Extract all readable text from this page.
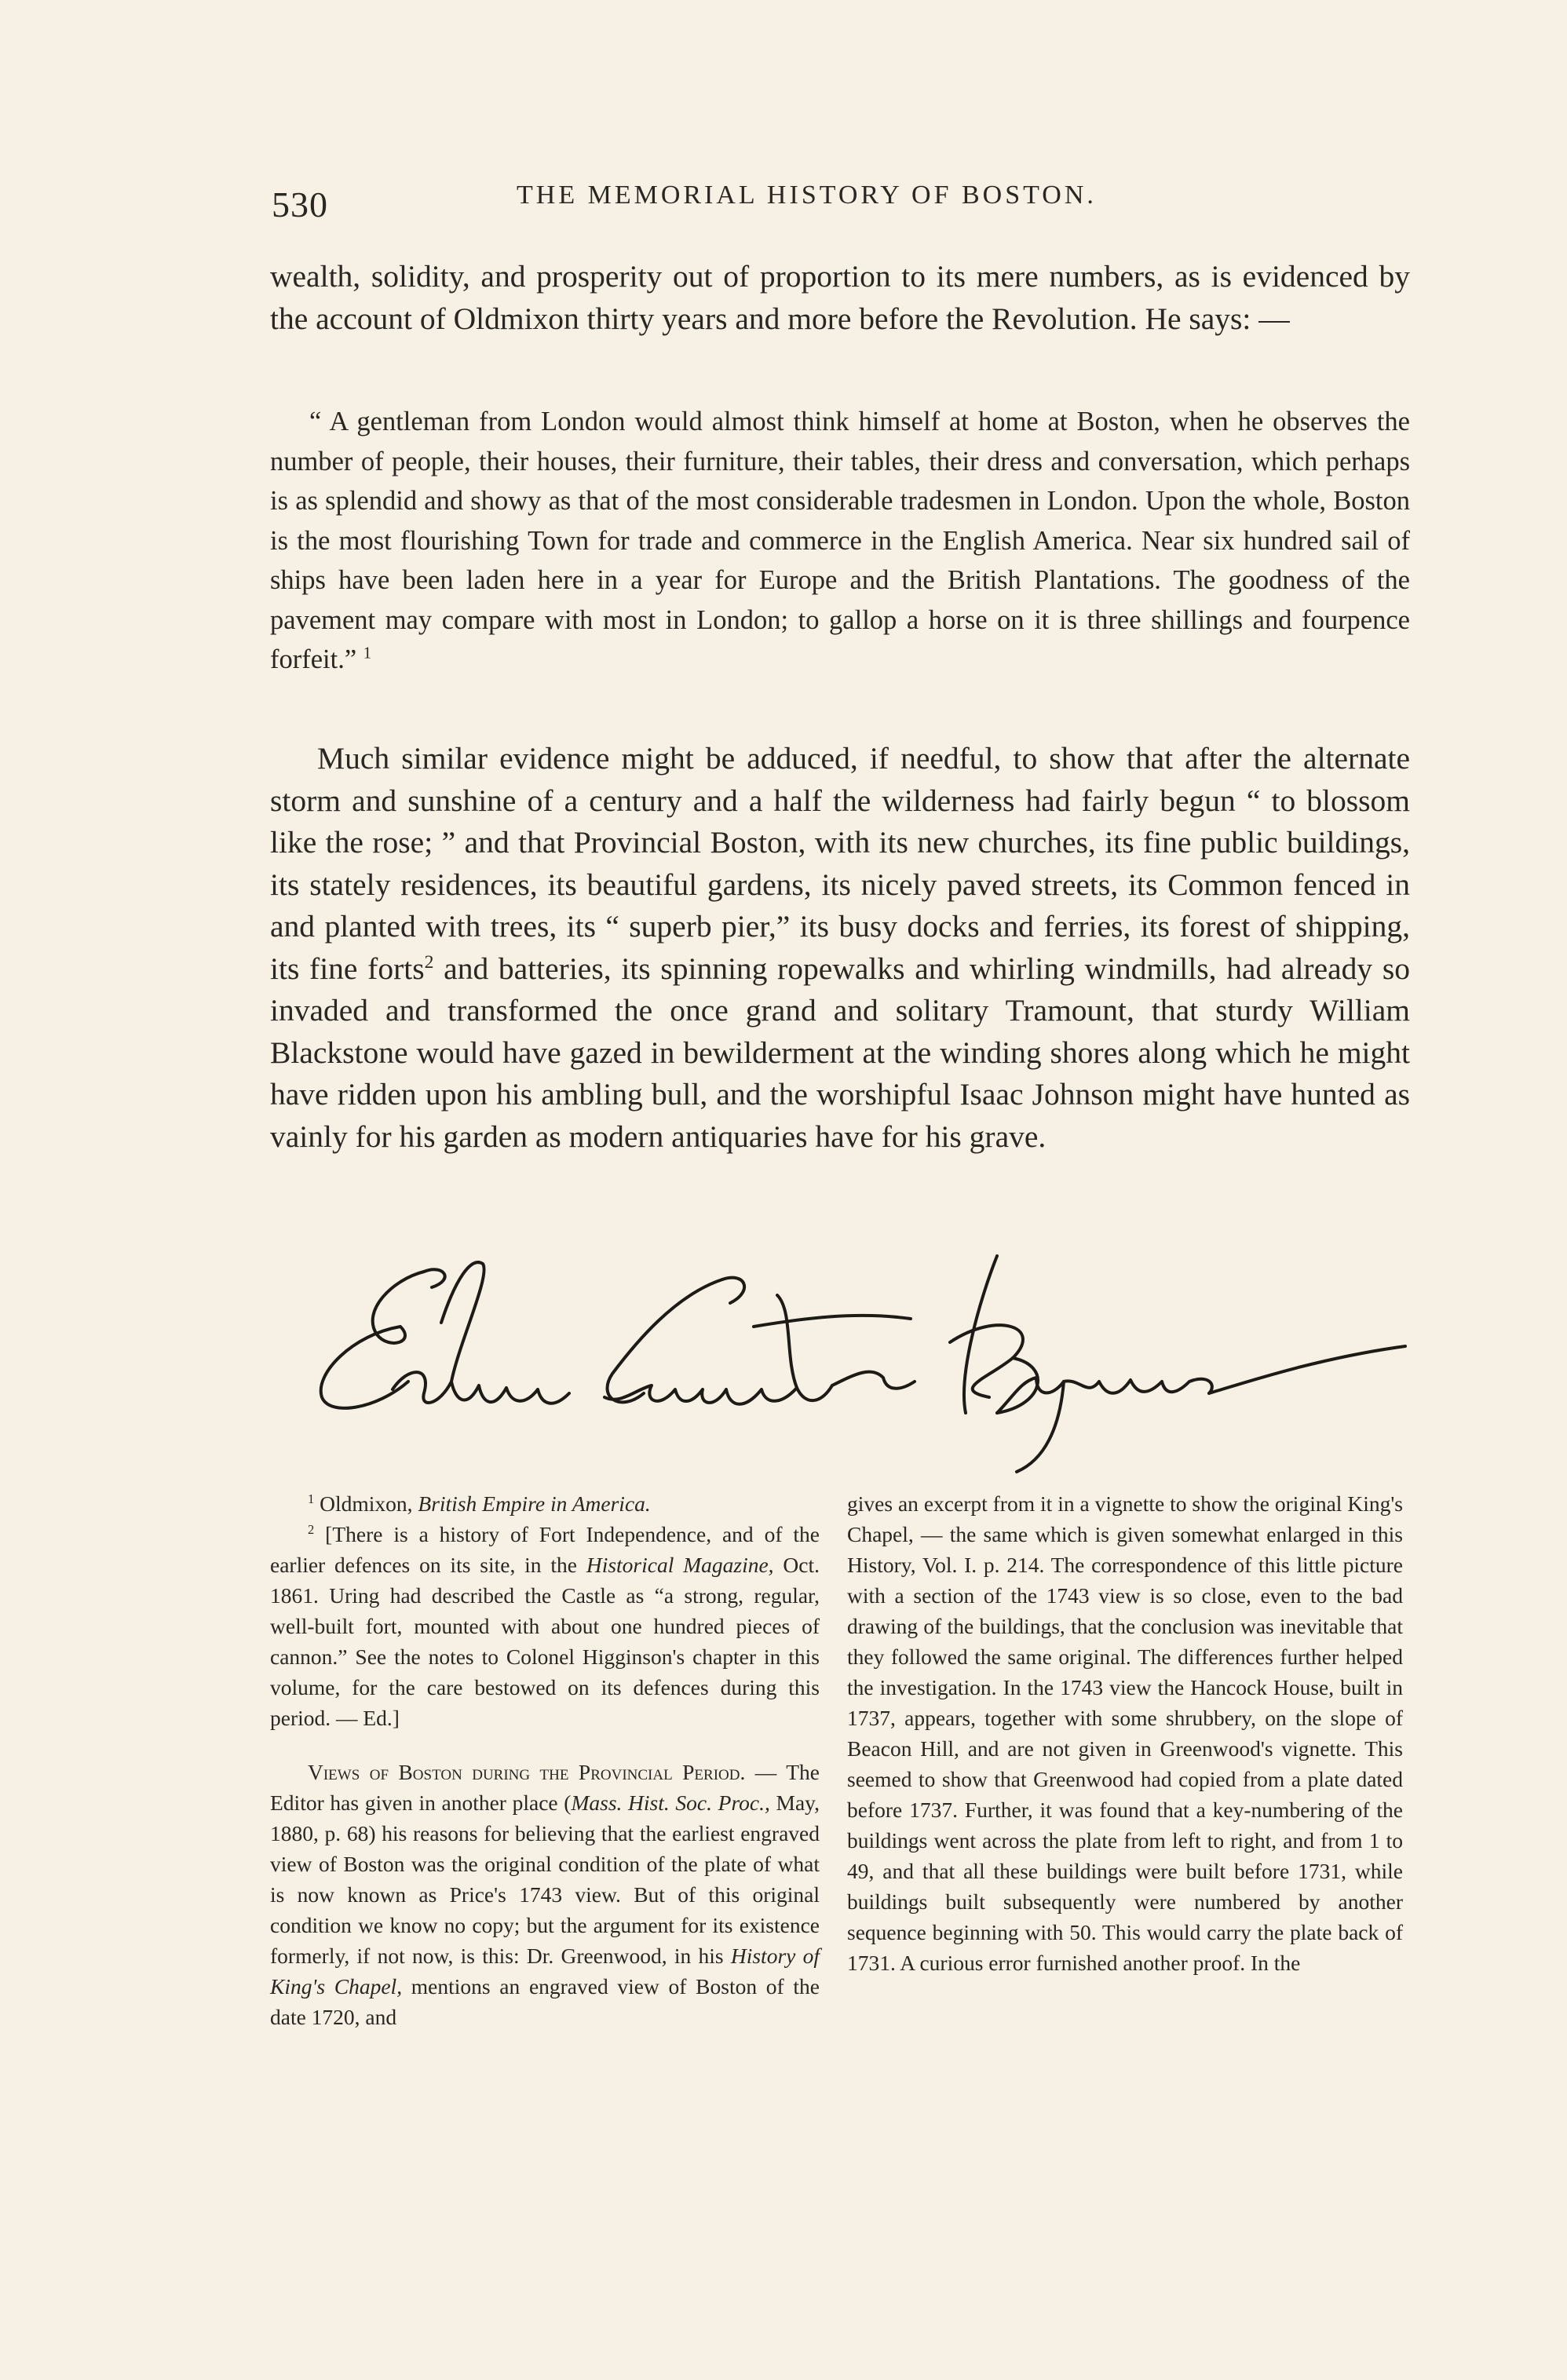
530	THE MEMORIAL HISTORY OF BOSTON.

wealth, solidity, and prosperity out of proportion to its mere numbers, as is evidenced by the account of Oldmixon thirty years and more before the Revolution. He says: —

“ A gentleman from London would almost think himself at home at Boston, when he observes the number of people, their houses, their furniture, their tables, their dress and conversation, which perhaps is as splendid and showy as that of the most considerable tradesmen in London. Upon the whole, Boston is the most flourishing Town for trade and commerce in the English America. Near six hundred sail of ships have been laden here in a year for Europe and the British Plantations. The goodness of the pavement may compare with most in London; to gallop a horse on it is three shillings and fourpence forfeit.” $^1$

Much similar evidence might be adduced, if needful, to show that after the alternate storm and sunshine of a century and a half the wilderness had fairly begun “ to blossom like the rose; ” and that Provincial Boston, with its new churches, its fine public buildings, its stately residences, its beautiful gardens, its nicely paved streets, its Common fenced in and planted with trees, its “ superb pier,” its busy docks and ferries, its forest of shipping, its fine forts$^2$ and batteries, its spinning ropewalks and whirling windmills, had already so invaded and transformed the once grand and solitary Tramount, that sturdy William Blackstone would have gazed in bewilderment at the winding shores along which he might have ridden upon his ambling bull, and the worshipful Isaac Johnson might have hunted as vainly for his garden as modern antiquaries have for his grave.

$^1$ Oldmixon, British Empire in America.

$^2$ [There is a history of Fort Independence, and of the earlier defences on its site, in the Historical Magazine, Oct. 1861. Uring had described the Castle as “a strong, regular, well-built fort, mounted with about one hundred pieces of cannon.” See the notes to Colonel Higginson's chapter in this volume, for the care bestowed on its defences during this period. — Ed.]

Views of Boston during the Provincial Period. — The Editor has given in another place (Mass. Hist. Soc. Proc., May, 1880, p. 68) his reasons for believing that the earliest engraved view of Boston was the original condition of the plate of what is now known as Price's 1743 view. But of this original condition we know no copy; but the argument for its existence formerly, if not now, is this: Dr. Greenwood, in his History of King's Chapel, mentions an engraved view of Boston of the date 1720, and

gives an excerpt from it in a vignette to show the original King's Chapel, — the same which is given somewhat enlarged in this History, Vol. I. p. 214. The correspondence of this little picture with a section of the 1743 view is so close, even to the bad drawing of the buildings, that the conclusion was inevitable that they followed the same original. The differences further helped the investigation. In the 1743 view the Hancock House, built in 1737, appears, together with some shrubbery, on the slope of Beacon Hill, and are not given in Greenwood's vignette. This seemed to show that Greenwood had copied from a plate dated before 1737. Further, it was found that a key-numbering of the buildings went across the plate from left to right, and from 1 to 49, and that all these buildings were built before 1731, while buildings built subsequently were numbered by another sequence beginning with 50. This would carry the plate back of 1731. A curious error furnished another proof. In the
